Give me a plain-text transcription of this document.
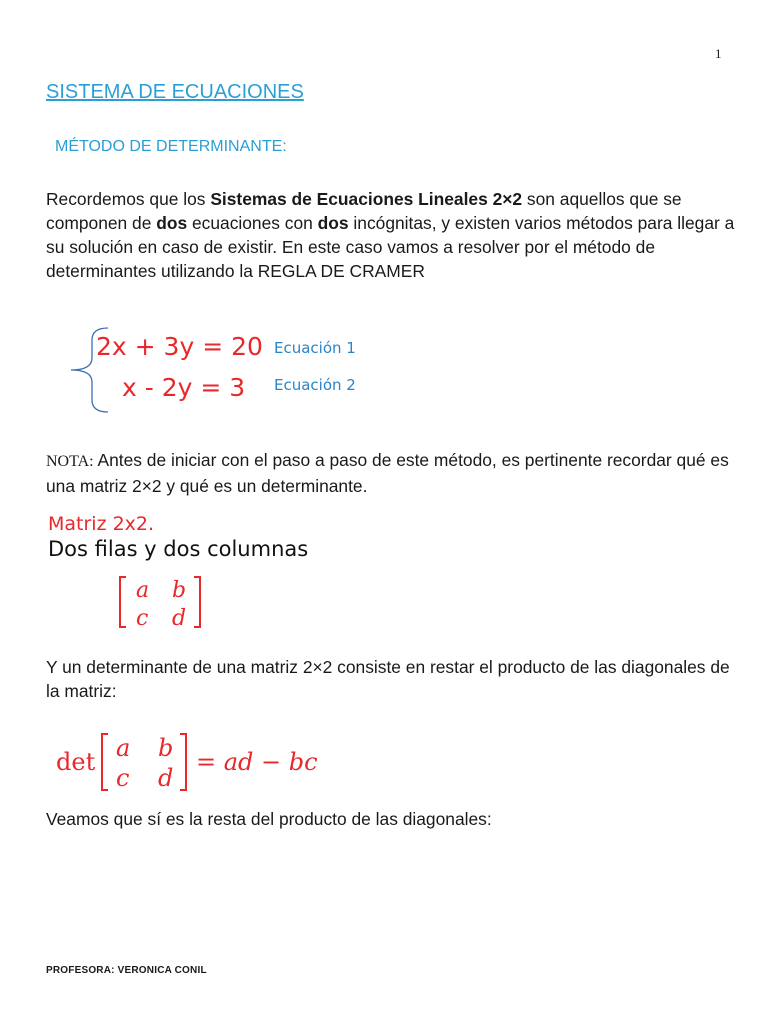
1
SISTEMA DE ECUACIONES
MÉTODO DE DETERMINANTE:
Recordemos que los Sistemas de Ecuaciones Lineales 2×2 son aquellos que se componen de dos ecuaciones con dos incógnitas, y existen varios métodos para llegar a su solución en caso de existir. En este caso vamos a resolver por el método de determinantes utilizando la REGLA DE CRAMER
2x + 3y = 20 Ecuación 1
x - 2y = 3 Ecuación 2
NOTA: Antes de iniciar con el paso a paso de este método, es pertinente recordar qué es una matriz 2×2 y qué es un determinante.
Matriz 2x2.
Dos filas y dos columnas
a b
c d
Y un determinante de una matriz 2×2 consiste en restar el producto de las diagonales de la matriz:
det a b
c d
= ad − bc
Veamos que sí es la resta del producto de las diagonales:
PROFESORA: VERONICA CONIL
